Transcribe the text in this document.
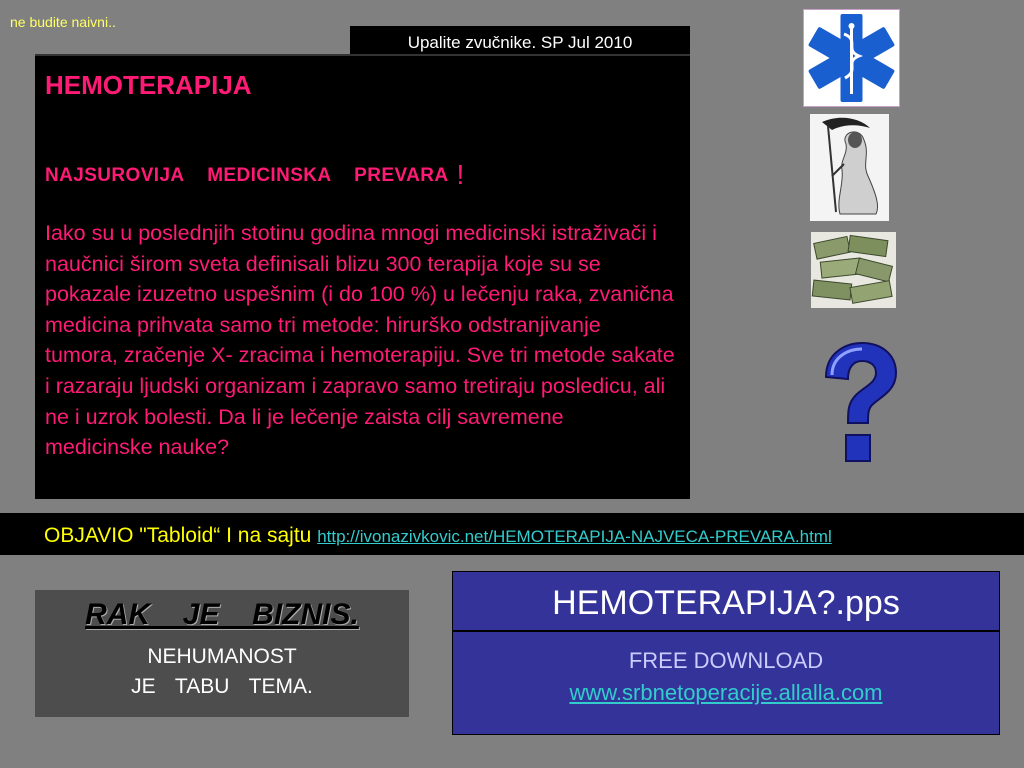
ne budite naivni..
Upalite zvučnike. SP Jul 2010
HEMOTERAPIJA
NAJSUROVIJA  MEDICINSKA  PREVARA !
Iako su u poslednjih stotinu godina mnogi medicinski istraživači i naučnici širom sveta definisali blizu 300 terapija koje su se pokazale izuzetno uspešnim (i do 100 %) u lečenju raka, zvanična medicina prihvata samo tri metode: hirurško odstranjivanje tumora, zračenje X- zracima i hemoterapiju. Sve tri metode sakate i razaraju ljudski organizam i zapravo samo tretiraju posledicu, ali ne i uzrok bolesti. Da li je lečenje zaista cilj savremene medicinske nauke?
OBJAVIO "Tabloid“ I na sajtu http://ivonazivkovic.net/HEMOTERAPIJA-NAJVECA-PREVARA.html
RAK  JE  BIZNIS.
NEHUMANOST
JE  TABU  TEMA.
HEMOTERAPIJA?.pps
FREE DOWNLOAD
www.srbnetoperacije.allalla.com
